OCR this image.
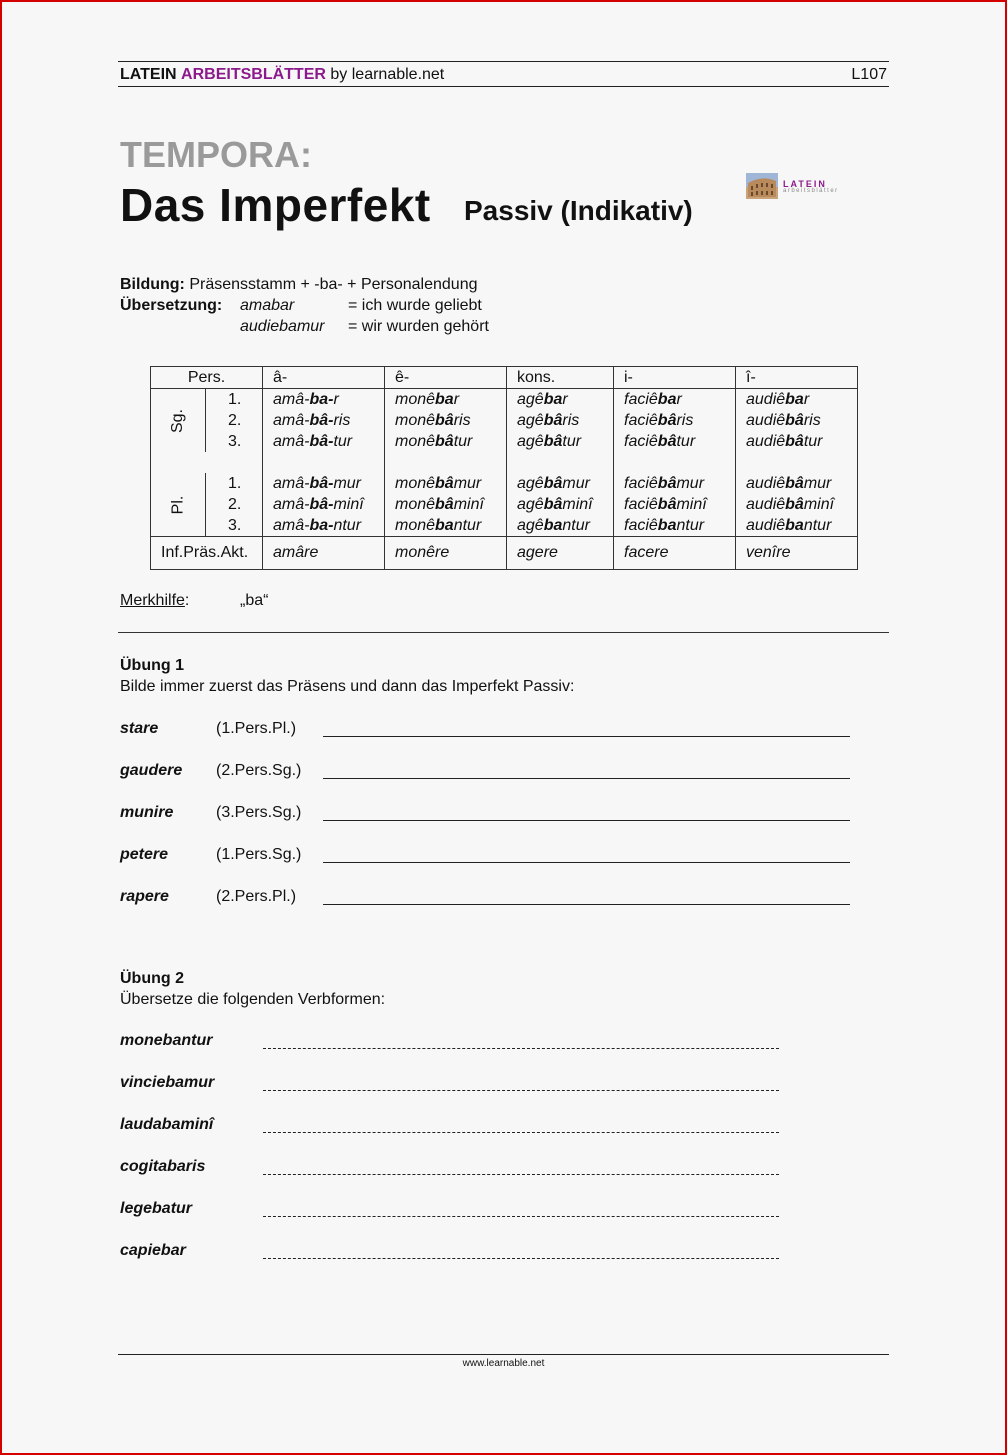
LATEIN ARBEITSBLÄTTER by learnable.net	L107
TEMPORA:
Das Imperfekt Passiv (Indikativ)
LATEIN
arbeitsblätter
Bildung: Präsensstamm + -ba- + Personalendung
Übersetzung: amabar	= ich wurde geliebt
audiebamur = wir wurden gehört
Pers.		â-	ê-	kons.	i-	î-
Sg.	1.	amâ-ba-r	monêbar	agêbar	faciêbar	audiêbar
	2.	amâ-bâ-ris	monêbâris	agêbâris	faciêbâris	audiêbâris
	3.	amâ-bâ-tur	monêbâtur	agêbâtur	faciêbâtur	audiêbâtur

Pl.	1.	amâ-bâ-mur	monêbâmur	agêbâmur	faciêbâmur	audiêbâmur
	2.	amâ-bâ-minî	monêbâminî	agêbâminî	faciêbâminî	audiêbâminî
	3.	amâ-ba-ntur	monêbantur	agêbantur	faciêbantur	audiêbantur
Inf.Präs.Akt.		amâre	monêre	agere	facere	venîre
Merkhilfe:	„ba“
Übung 1
Bilde immer zuerst das Präsens und dann das Imperfekt Passiv:
stare	(1.Pers.Pl.)
gaudere (2.Pers.Sg.)
munire	(3.Pers.Sg.)
petere	(1.Pers.Sg.)
rapere	(2.Pers.Pl.)
Übung 2
Übersetze die folgenden Verbformen:
monebantur
vinciebamur
laudabaminî
cogitabaris
legebatur
capiebar
www.learnable.net
